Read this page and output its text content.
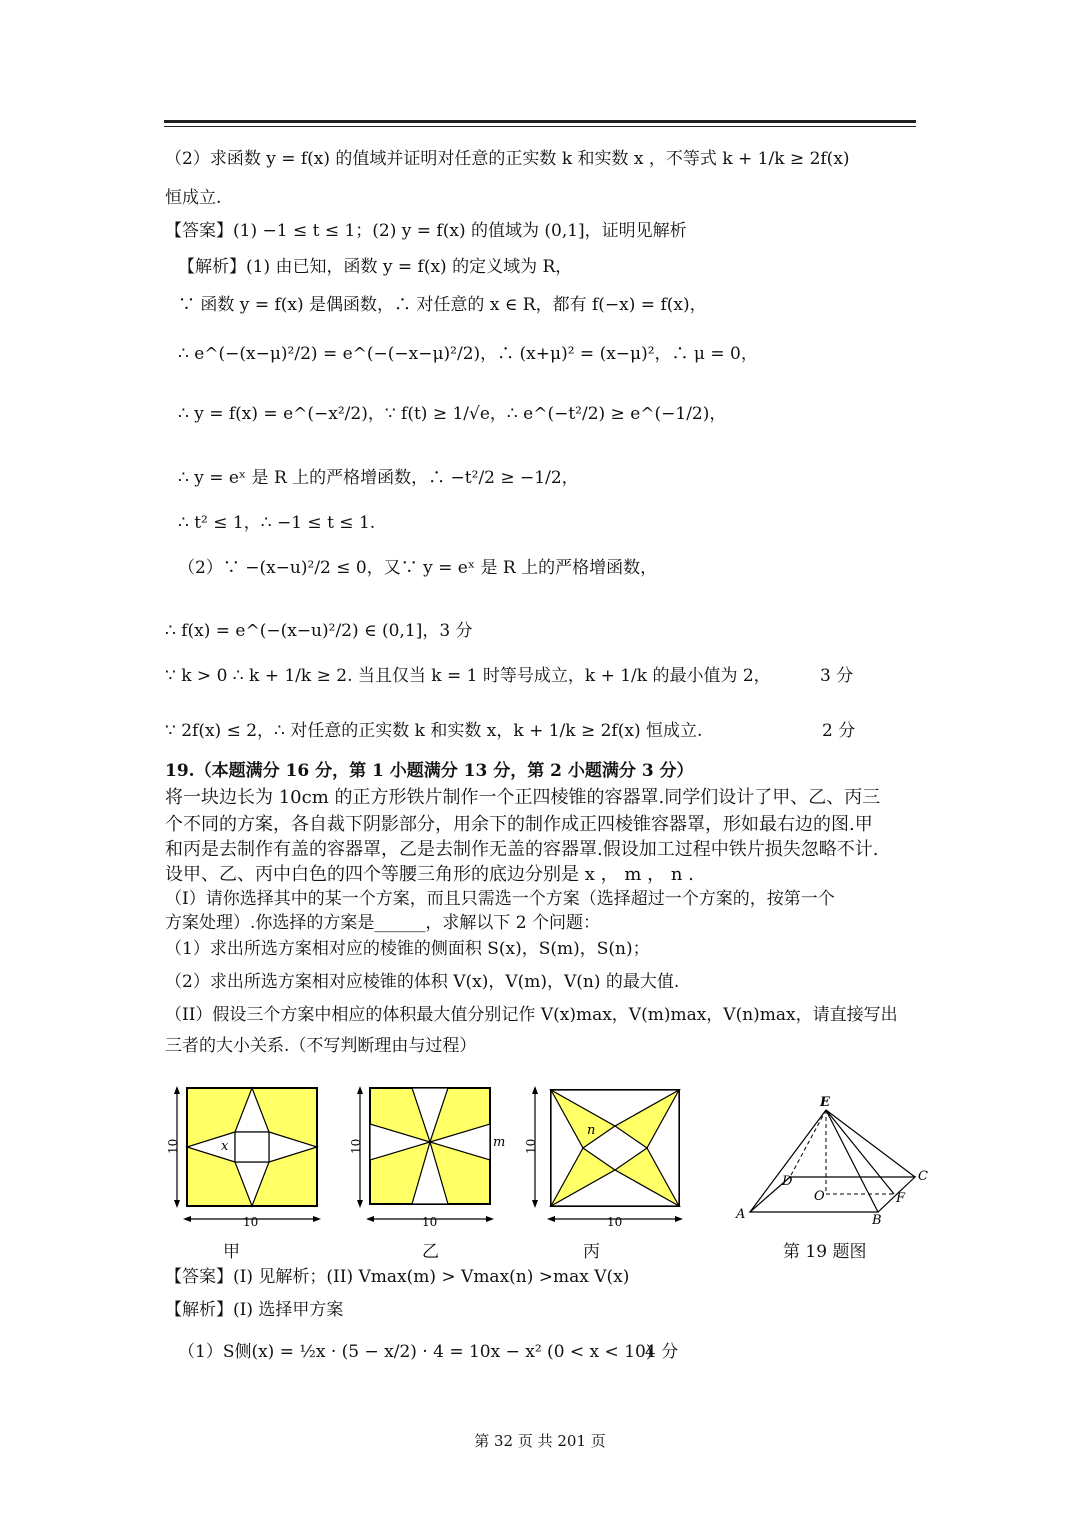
（2）求函数 y = f(x) 的值域并证明对任意的正实数 k 和实数 x ，不等式 k + 1/k ≥ 2f(x)
恒成立.
【答案】(1) −1 ≤ t ≤ 1；(2) y = f(x) 的值域为 (0,1]，证明见解析
【解析】(1) 由已知，函数 y = f(x) 的定义域为 R，
∵ 函数 y = f(x) 是偶函数，∴ 对任意的 x ∈ R，都有 f(−x) = f(x)，
∴ e^(−(x−μ)²/2) = e^(−(−x−μ)²/2)，∴ (x+μ)² = (x−μ)²，∴ μ = 0，
∴ y = f(x) = e^(−x²/2)，∵ f(t) ≥ 1/√e，∴ e^(−t²/2) ≥ e^(−1/2)，
∴ y = eˣ 是 R 上的严格增函数，∴ −t²/2 ≥ −1/2，
∴ t² ≤ 1，∴ −1 ≤ t ≤ 1.
（2）∵ −(x−u)²/2 ≤ 0，又∵ y = eˣ 是 R 上的严格增函数，
∴ f(x) = e^(−(x−u)²/2) ∈ (0,1]，3 分
∵ k > 0 ∴ k + 1/k ≥ 2. 当且仅当 k = 1 时等号成立，k + 1/k 的最小值为 2，	3 分
∵ 2f(x) ≤ 2，∴ 对任意的正实数 k 和实数 x，k + 1/k ≥ 2f(x) 恒成立.	2 分
19.（本题满分 16 分，第 1 小题满分 13 分，第 2 小题满分 3 分）
将一块边长为 10cm 的正方形铁片制作一个正四棱锥的容器罩.同学们设计了甲、乙、丙三
个不同的方案，各自裁下阴影部分，用余下的制作成正四棱锥容器罩，形如最右边的图.甲
和丙是去制作有盖的容器罩，乙是去制作无盖的容器罩.假设加工过程中铁片损失忽略不计.
设甲、乙、丙中白色的四个等腰三角形的底边分别是 x ， m ， n .
（I）请你选择其中的某一个方案，而且只需选一个方案（选择超过一个方案的，按第一个
方案处理）.你选择的方案是______，求解以下 2 个问题：
（1）求出所选方案相对应的棱锥的侧面积 S(x)，S(m)，S(n)；
（2）求出所选方案相对应棱锥的体积 V(x)，V(m)，V(n) 的最大值.
（II）假设三个方案中相应的体积最大值分别记作 V(x)max，V(m)max，V(n)max，请直接写出
三者的大小关系.（不写判断理由与过程）
10	x
10
10	m
10
10
n
10
E
D	C
O	F
A	B
甲	乙	丙	第 19 题图
【答案】(I) 见解析；(II) Vmax(m) > Vmax(n) >max V(x)
【解析】(I) 选择甲方案
（1）S侧(x) = ½x · (5 − x/2) · 4 = 10x − x² (0 < x < 10)
4 分
第 32 页 共 201 页
